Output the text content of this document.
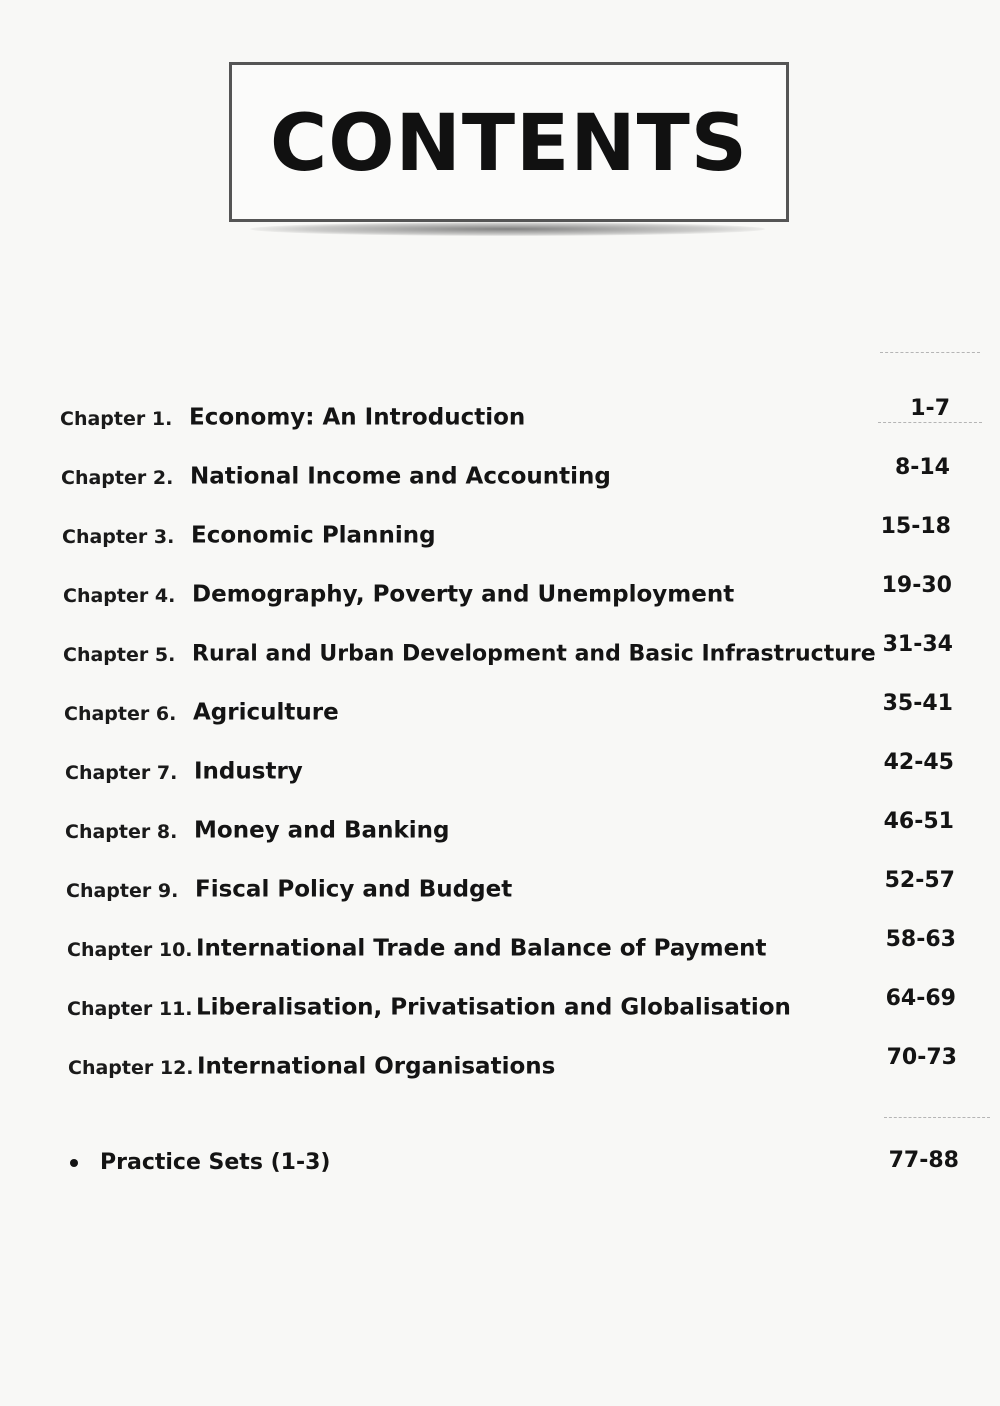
CONTENTS
Chapter 1. Economy: An Introduction	1-7
Chapter 2. National Income and Accounting	8-14
Chapter 3. Economic Planning	15-18
Chapter 4. Demography, Poverty and Unemployment	19-30
Chapter 5. Rural and Urban Development and Basic Infrastructure 31-34
Chapter 6. Agriculture	35-41
Chapter 7. Industry	42-45
Chapter 8. Money and Banking	46-51
Chapter 9. Fiscal Policy and Budget	52-57
Chapter 10. International Trade and Balance of Payment	58-63
Chapter 11. Liberalisation, Privatisation and Globalisation	64-69
Chapter 12. International Organisations	70-73
Practice Sets (1-3)	77-88
